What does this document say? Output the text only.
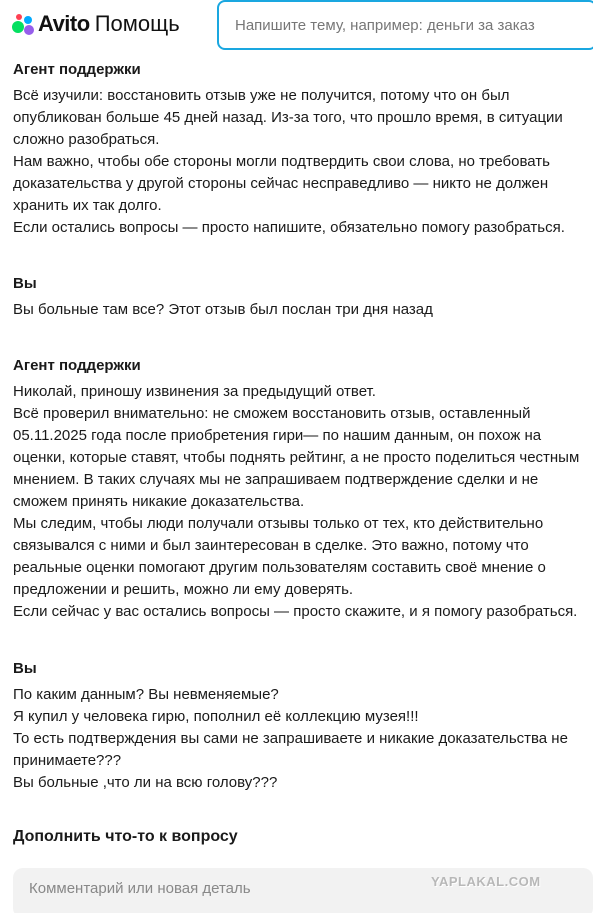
Avito Помощь
Напишите тему, например: деньги за заказ
Агент поддержки
Всё изучили: восстановить отзыв уже не получится, потому что он был
опубликован больше 45 дней назад. Из-за того, что прошло время, в ситуации
сложно разобраться.
Нам важно, чтобы обе стороны могли подтвердить свои слова, но требовать
доказательства у другой стороны сейчас несправедливо — никто не должен
хранить их так долго.
Если остались вопросы — просто напишите, обязательно помогу разобраться.
Вы
Вы больные там все? Этот отзыв был послан три дня назад
Агент поддержки
Николай, приношу извинения за предыдущий ответ.
Всё проверил внимательно: не сможем восстановить отзыв, оставленный
05.11.2025 года после приобретения гири— по нашим данным, он похож на
оценки, которые ставят, чтобы поднять рейтинг, а не просто поделиться честным
мнением. В таких случаях мы не запрашиваем подтверждение сделки и не
сможем принять никакие доказательства.
Мы следим, чтобы люди получали отзывы только от тех, кто действительно
связывался с ними и был заинтересован в сделке. Это важно, потому что
реальные оценки помогают другим пользователям составить своё мнение о
предложении и решить, можно ли ему доверять.
Если сейчас у вас остались вопросы — просто скажите, и я помогу разобраться.
Вы
По каким данным? Вы невменяемые?
Я купил у человека гирю, пополнил её коллекцию музея!!!
То есть подтверждения вы сами не запрашиваете и никакие доказательства не
принимаете???
Вы больные ,что ли на всю голову???
Дополнить что-то к вопросу
Комментарий или новая деталь
YAPLAKAL.COM
